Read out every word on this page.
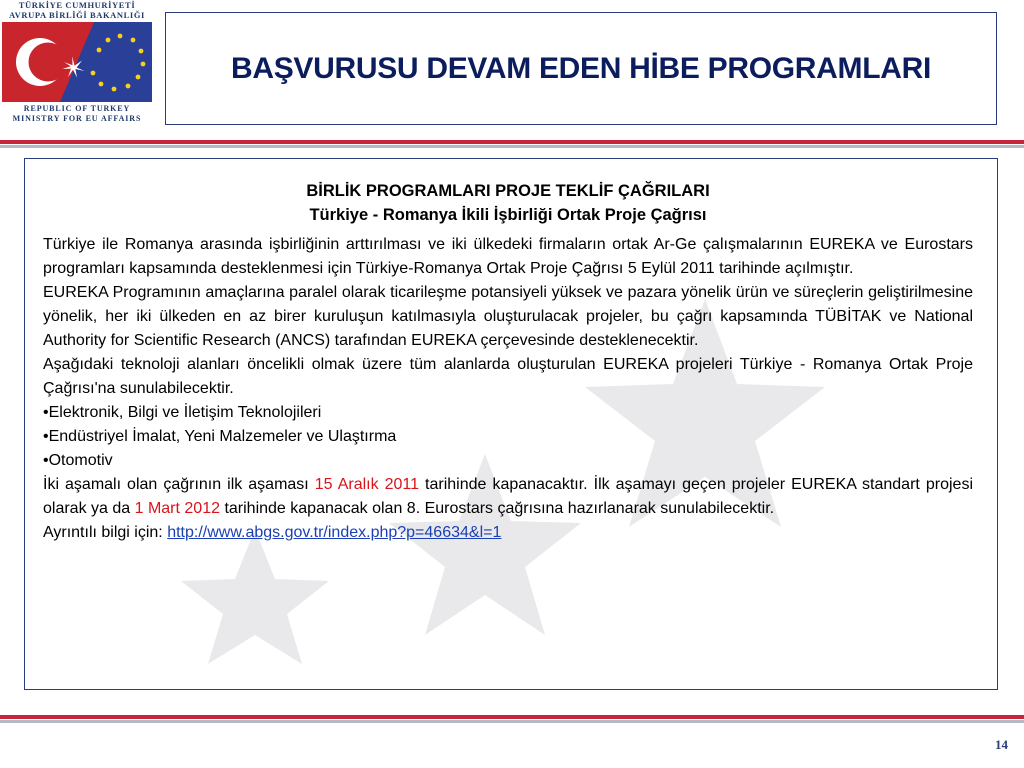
TÜRKİYE CUMHURİYETİ
AVRUPA BİRLİĞİ BAKANLIĞI
REPUBLIC OF TURKEY
MINISTRY FOR EU AFFAIRS
BAŞVURUSU DEVAM EDEN HİBE PROGRAMLARI
BİRLİK PROGRAMLARI PROJE TEKLİF ÇAĞRILARI
Türkiye - Romanya İkili İşbirliği Ortak Proje Çağrısı
Türkiye ile Romanya arasında işbirliğinin arttırılması ve iki ülkedeki firmaların ortak Ar-Ge çalışmalarının EUREKA ve Eurostars programları kapsamında desteklenmesi için Türkiye-Romanya Ortak Proje Çağrısı 5 Eylül 2011 tarihinde açılmıştır.
EUREKA Programının amaçlarına paralel olarak ticarileşme potansiyeli yüksek ve pazara yönelik ürün ve süreçlerin geliştirilmesine yönelik, her iki ülkeden en az birer kuruluşun katılmasıyla oluşturulacak projeler, bu çağrı kapsamında TÜBİTAK ve National Authority for Scientific Research (ANCS) tarafından EUREKA çerçevesinde desteklenecektir.
Aşağıdaki teknoloji alanları öncelikli olmak üzere tüm alanlarda oluşturulan EUREKA projeleri Türkiye - Romanya Ortak Proje Çağrısı'na sunulabilecektir.
•Elektronik, Bilgi ve İletişim Teknolojileri
•Endüstriyel İmalat, Yeni Malzemeler ve Ulaştırma
•Otomotiv
İki aşamalı olan çağrının ilk aşaması 15 Aralık 2011 tarihinde kapanacaktır. İlk aşamayı geçen projeler EUREKA standart projesi olarak ya da 1 Mart 2012 tarihinde kapanacak olan 8. Eurostars çağrısına hazırlanarak sunulabilecektir.
Ayrıntılı bilgi için: http://www.abgs.gov.tr/index.php?p=46634&l=1
14
